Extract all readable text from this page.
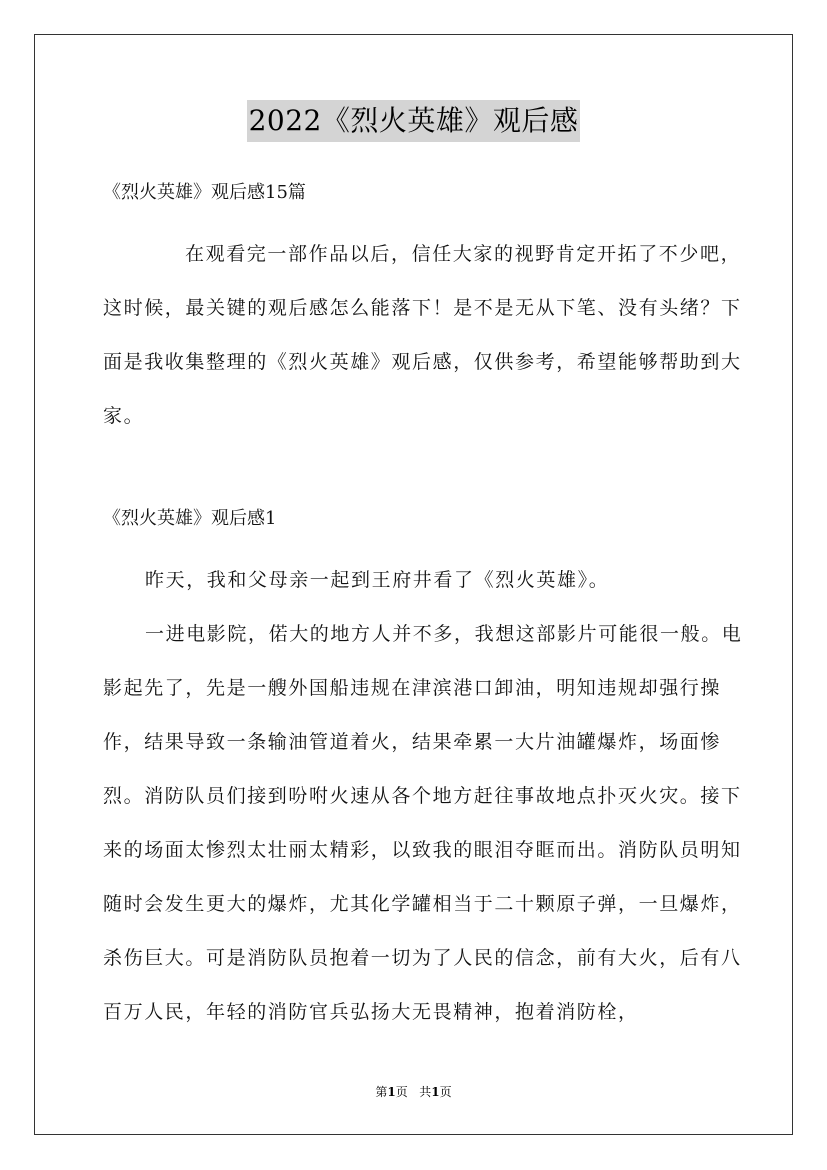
2022《烈火英雄》观后感
《烈火英雄》观后感15篇

在观看完一部作品以后，信任大家的视野肯定开拓了不少吧，这时候，最关键的观后感怎么能落下！是不是无从下笔、没有头绪？下面是我收集整理的《烈火英雄》观后感，仅供参考，希望能够帮助到大家。

《烈火英雄》观后感1

昨天，我和父母亲一起到王府井看了《烈火英雄》。

一进电影院，偌大的地方人并不多，我想这部影片可能很一般。电影起先了，先是一艘外国船违规在津滨港口卸油，明知违规却强行操作，结果导致一条输油管道着火，结果牵累一大片油罐爆炸，场面惨烈。消防队员们接到吩咐火速从各个地方赶往事故地点扑灭火灾。接下来的场面太惨烈太壮丽太精彩，以致我的眼泪夺眶而出。消防队员明知随时会发生更大的爆炸，尤其化学罐相当于二十颗原子弹，一旦爆炸，杀伤巨大。可是消防队员抱着一切为了人民的信念，前有大火，后有八百万人民，年轻的消防官兵弘扬大无畏精神，抱着消防栓，

第1页 共1页
